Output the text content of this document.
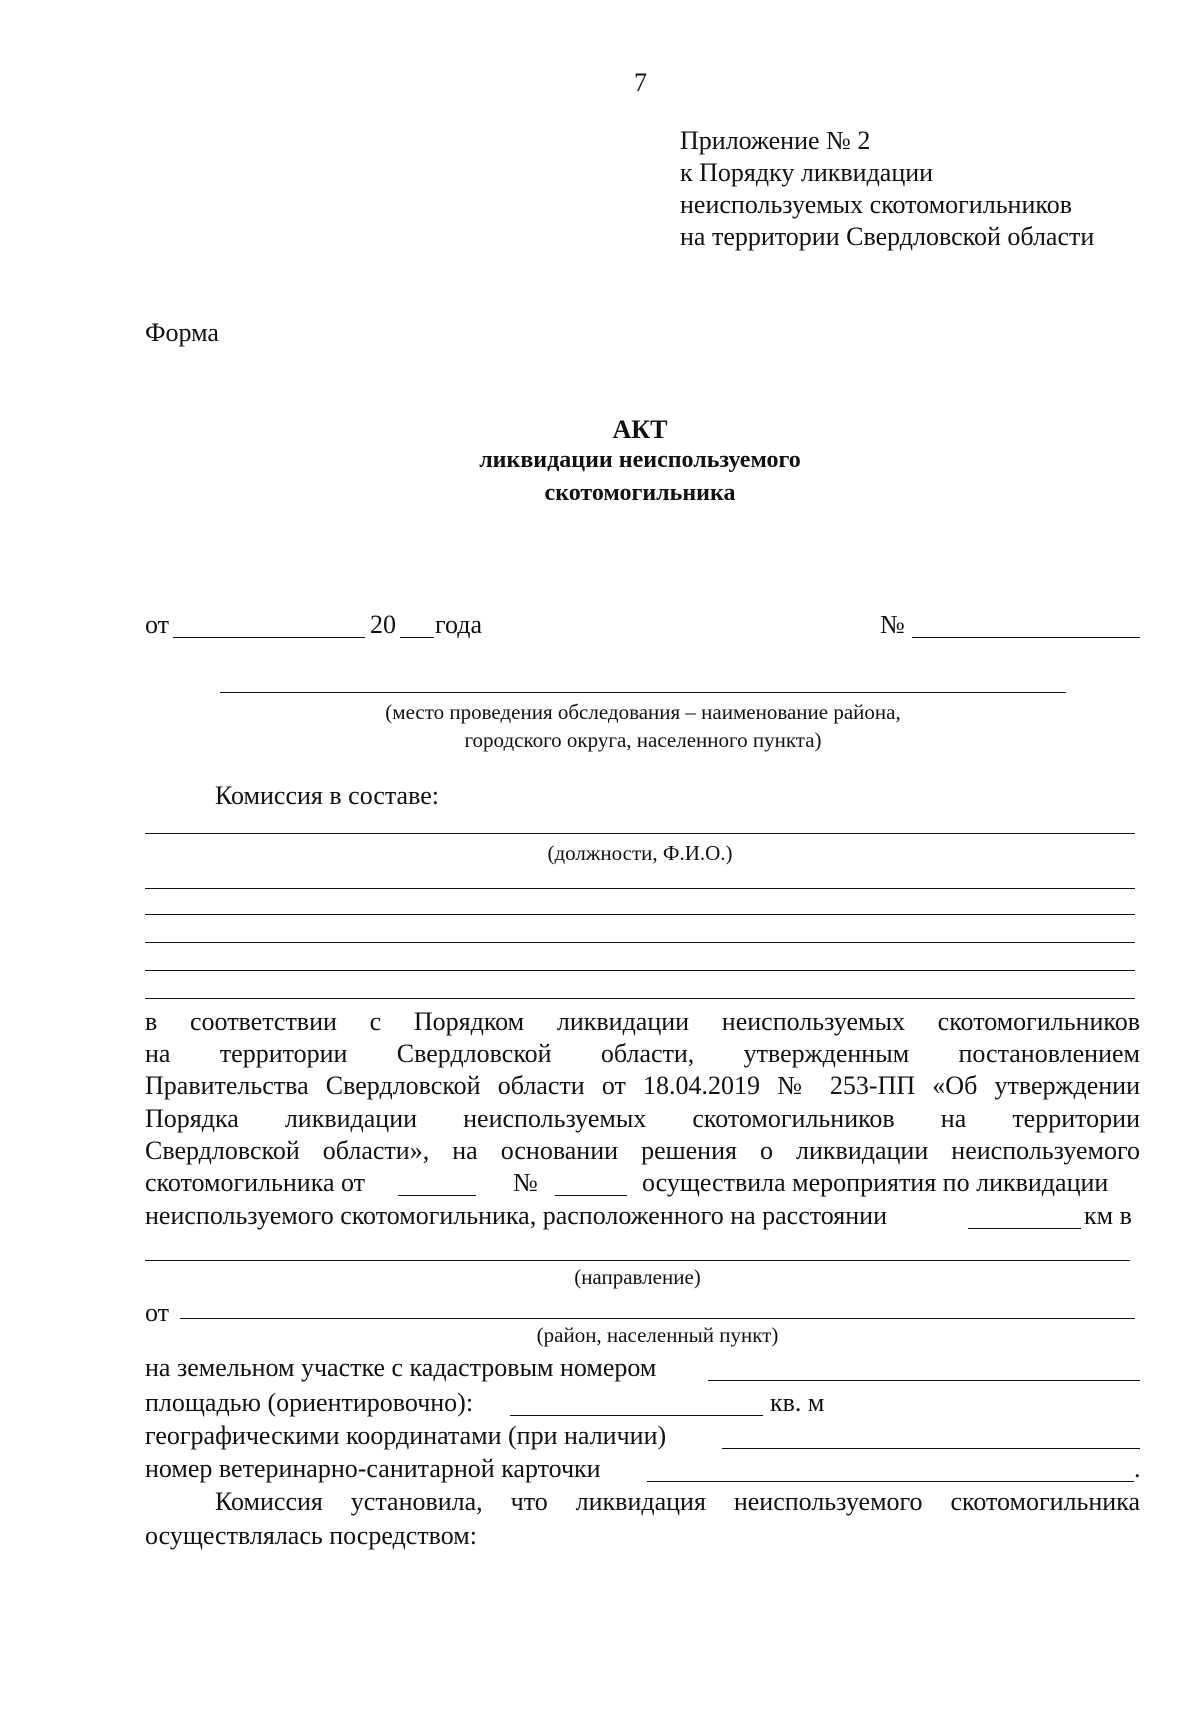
7
Приложение № 2
к Порядку ликвидации
неиспользуемых скотомогильников
на территории Свердловской области
Форма
АКТ
ликвидации неиспользуемого
скотомогильника
от	20 года	№
(место проведения обследования – наименование района,
городского округа, населенного пункта)
Комиссия в составе:
(должности, Ф.И.О.)
в соответствии с Порядком ликвидации неиспользуемых скотомогильников
на территории Свердловской области, утвержденным постановлением
Правительства Свердловской области от 18.04.2019 № 253-ПП «Об утверждении
Порядка ликвидации неиспользуемых скотомогильников на территории
Свердловской области», на основании решения о ликвидации неиспользуемого
скотомогильника от	№	осуществила мероприятия по ликвидации
неиспользуемого скотомогильника, расположенного на расстоянии	км в
(направление)
от
(район, населенный пункт)
на земельном участке с кадастровым номером
площадью (ориентировочно):	кв. м
географическими координатами (при наличии)
номер ветеринарно-санитарной карточки	.
Комиссия установила, что ликвидация неиспользуемого скотомогильника
осуществлялась посредством:
